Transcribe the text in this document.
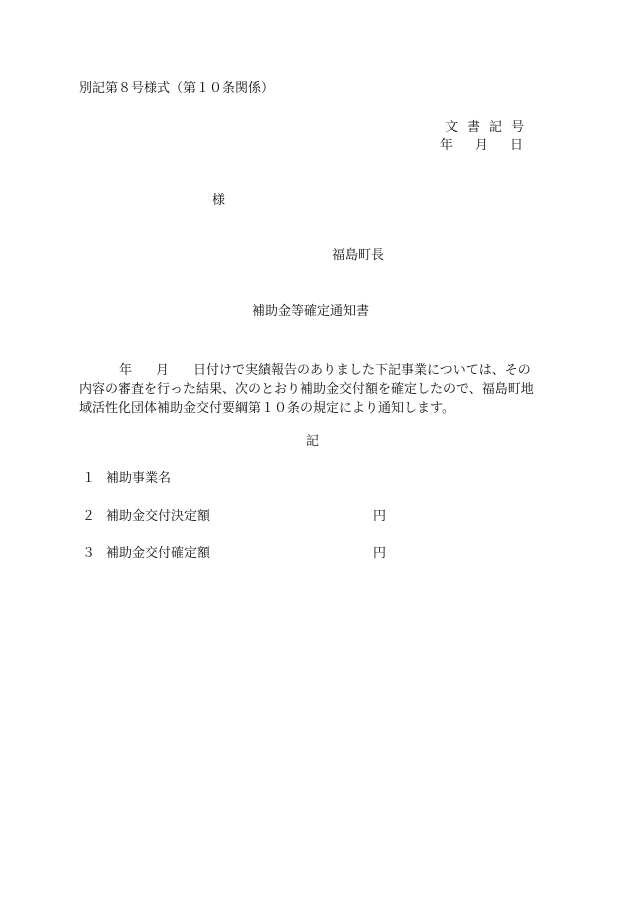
別記第８号様式（第１０条関係）
文書記号
年 月 日
様
福島町長
補助金等確定通知書
年 月 日付けで実績報告のありました下記事業については、その
内容の審査を行った結果、次のとおり補助金交付額を確定したので、福島町地
域活性化団体補助金交付要綱第１０条の規定により通知します。
記
１ 補助事業名
２ 補助金交付決定額	円
３ 補助金交付確定額	円
